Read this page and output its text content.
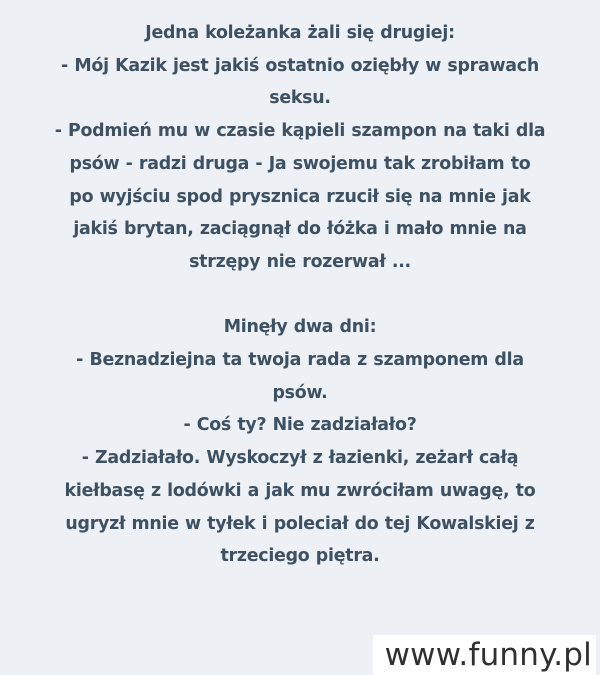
Jedna koleżanka żali się drugiej:
- Mój Kazik jest jakiś ostatnio oziębły w sprawach
seksu.
- Podmień mu w czasie kąpieli szampon na taki dla
psów - radzi druga - Ja swojemu tak zrobiłam to
po wyjściu spod prysznica rzucił się na mnie jak
jakiś brytan, zaciągnął do łóżka i mało mnie na
strzępy nie rozerwał ...
Minęły dwa dni:
- Beznadziejna ta twoja rada z szamponem dla
psów.
- Coś ty? Nie zadziałało?
- Zadziałało. Wyskoczył z łazienki, zeżarł całą
kiełbasę z lodówki a jak mu zwróciłam uwagę, to
ugryzł mnie w tyłek i poleciał do tej Kowalskiej z
trzeciego piętra.
www.funny.pl
